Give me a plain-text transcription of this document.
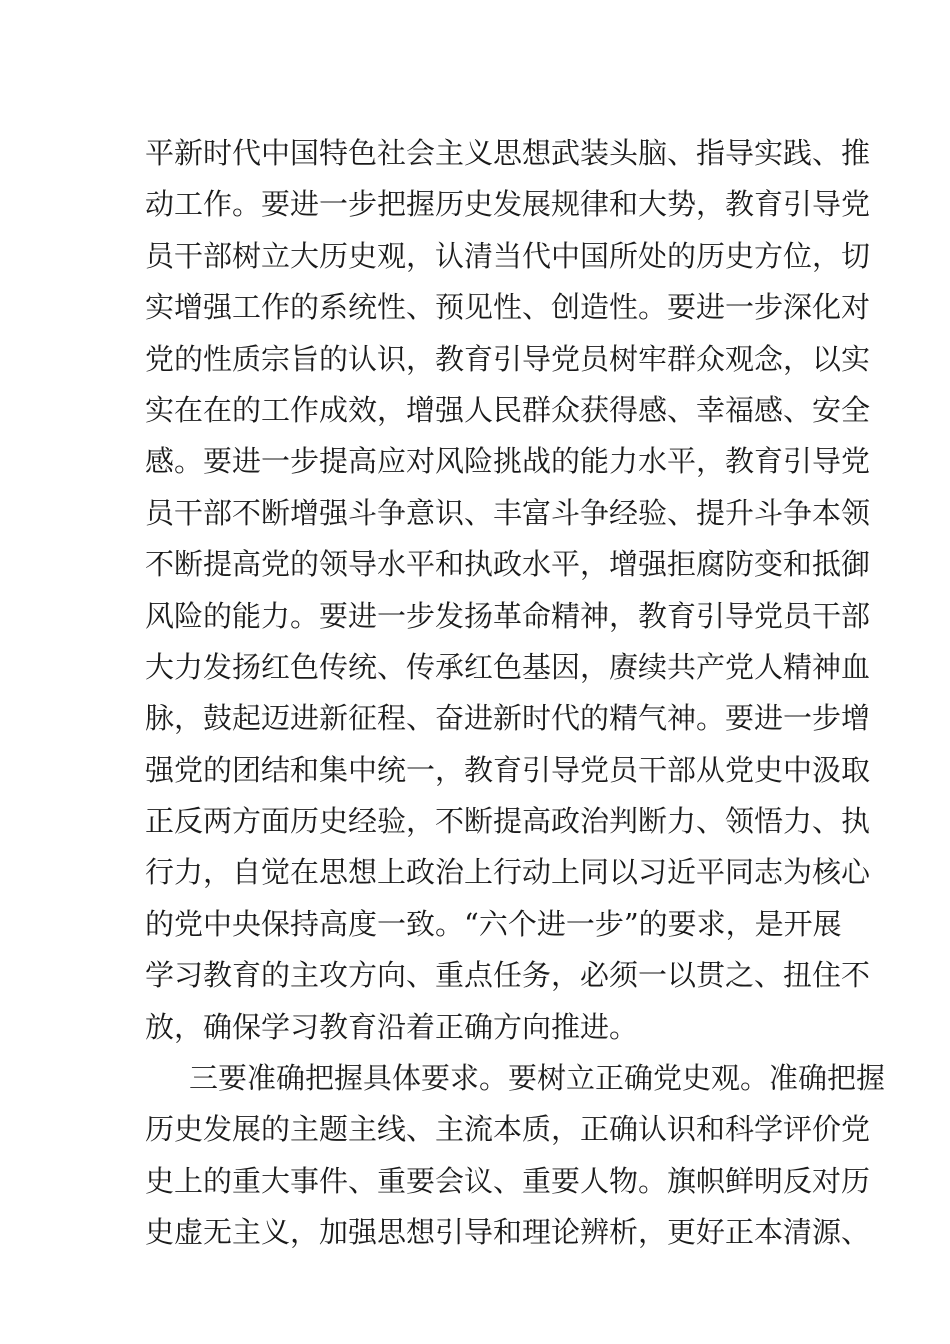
平新时代中国特色社会主义思想武装头脑、指导实践、推
动工作。要进一步把握历史发展规律和大势，教育引导党
员干部树立大历史观，认清当代中国所处的历史方位，切
实增强工作的系统性、预见性、创造性。要进一步深化对
党的性质宗旨的认识，教育引导党员树牢群众观念，以实
实在在的工作成效，增强人民群众获得感、幸福感、安全
感。要进一步提高应对风险挑战的能力水平，教育引导党
员干部不断增强斗争意识、丰富斗争经验、提升斗争本领
不断提高党的领导水平和执政水平，增强拒腐防变和抵御
风险的能力。要进一步发扬革命精神，教育引导党员干部
大力发扬红色传统、传承红色基因，赓续共产党人精神血
脉，鼓起迈进新征程、奋进新时代的精气神。要进一步增
强党的团结和集中统一，教育引导党员干部从党史中汲取
正反两方面历史经验，不断提高政治判断力、领悟力、执
行力，自觉在思想上政治上行动上同以习近平同志为核心
的党中央保持高度一致。“六个进一步”的要求，是开展
学习教育的主攻方向、重点任务，必须一以贯之、扭住不
放，确保学习教育沿着正确方向推进。
三要准确把握具体要求。要树立正确党史观。准确把握
历史发展的主题主线、主流本质，正确认识和科学评价党
史上的重大事件、重要会议、重要人物。旗帜鲜明反对历
史虚无主义，加强思想引导和理论辨析，更好正本清源、
